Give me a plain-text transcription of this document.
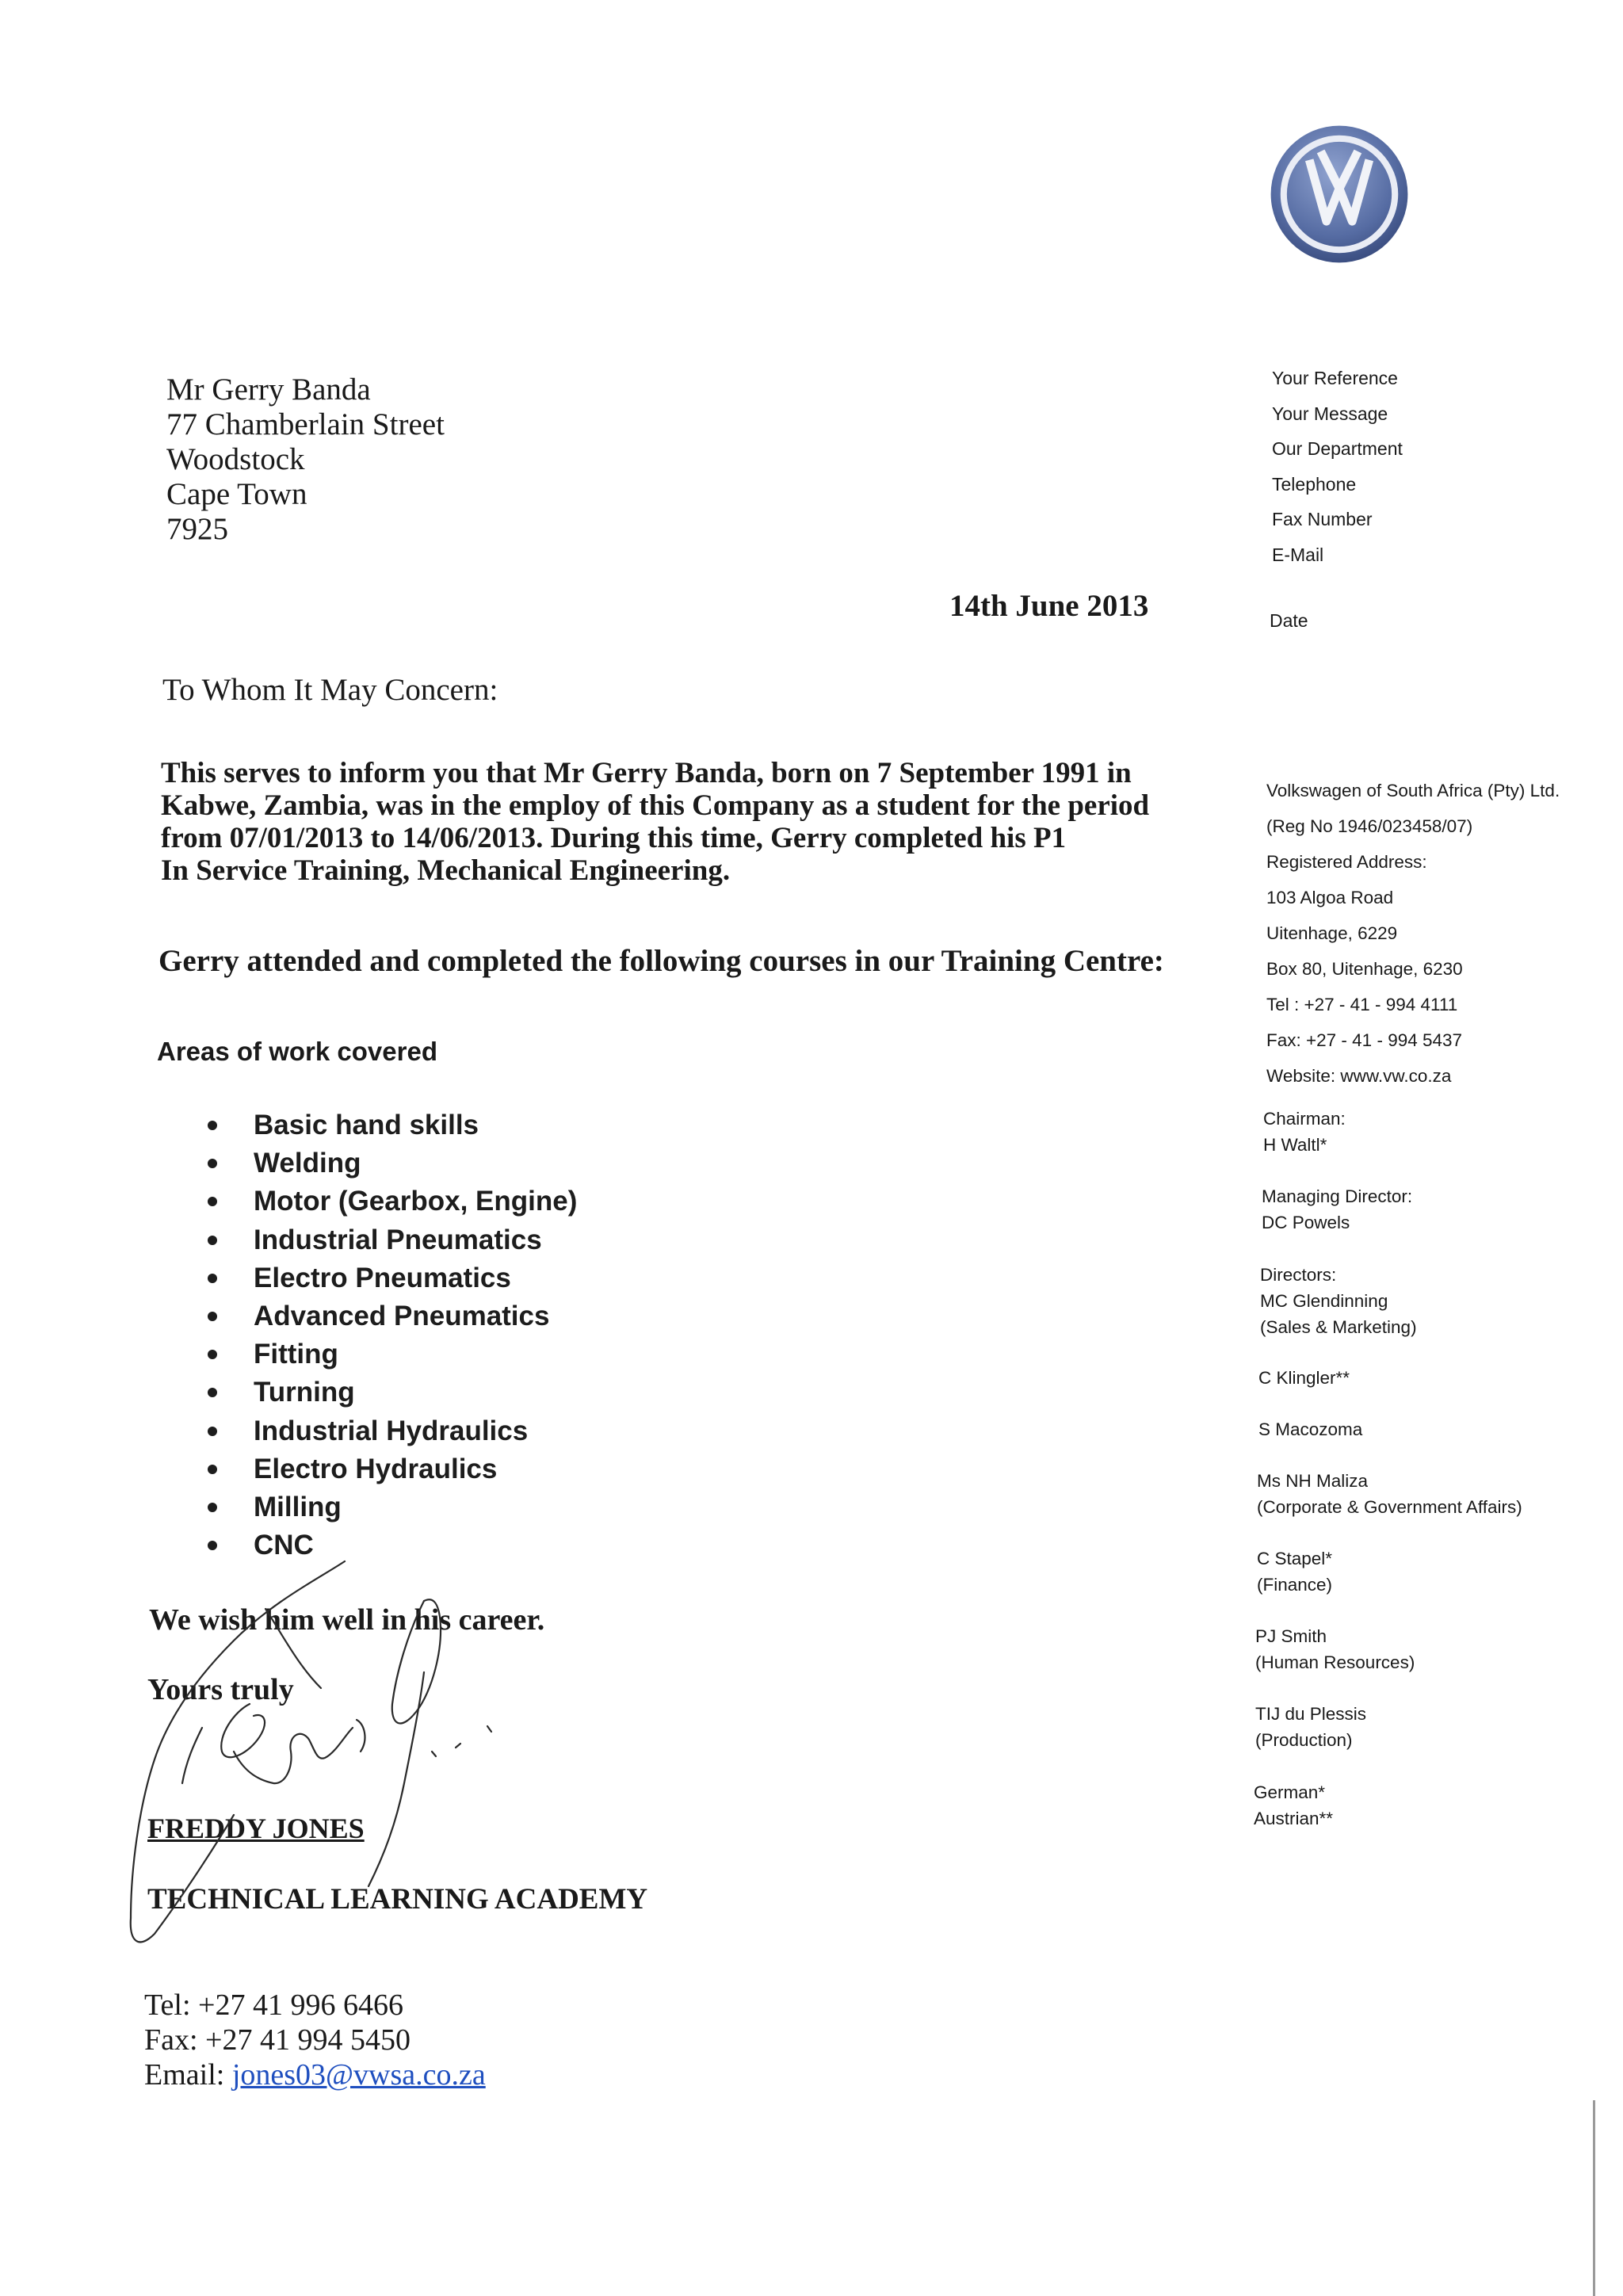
Mr Gerry Banda
77 Chamberlain Street
Woodstock
Cape Town
7925
Your Reference
Your Message
Our Department
Telephone
Fax Number
E-Mail
Date
14th June 2013
To Whom It May Concern:
This serves to inform you that Mr Gerry Banda, born on 7 September 1991 in
Kabwe, Zambia, was in the employ of this Company as a student for the period
from 07/01/2013 to 14/06/2013. During this time, Gerry completed his P1
In Service Training, Mechanical Engineering.
Gerry attended and completed the following courses in our Training Centre:
Areas of work covered
Basic hand skills
Welding
Motor (Gearbox, Engine)
Industrial Pneumatics
Electro Pneumatics
Advanced Pneumatics
Fitting
Turning
Industrial Hydraulics
Electro Hydraulics
Milling
CNC
We wish him well in his career.
Yours truly
FREDDY JONES
TECHNICAL LEARNING ACADEMY
Tel: +27 41 996 6466
Fax: +27 41 994 5450
Email: jones03@vwsa.co.za
Volkswagen of South Africa (Pty) Ltd.
(Reg No 1946/023458/07)
Registered Address:
103 Algoa Road
Uitenhage, 6229
Box 80, Uitenhage, 6230
Tel : +27 - 41 - 994 4111
Fax: +27 - 41 - 994 5437
Website: www.vw.co.za
Chairman:
H Waltl*
Managing Director:
DC Powels
Directors:
MC Glendinning
(Sales & Marketing)
C Klingler**
S Macozoma
Ms NH Maliza
(Corporate & Government Affairs)
C Stapel*
(Finance)
PJ Smith
(Human Resources)
TIJ du Plessis
(Production)
German*
Austrian**
